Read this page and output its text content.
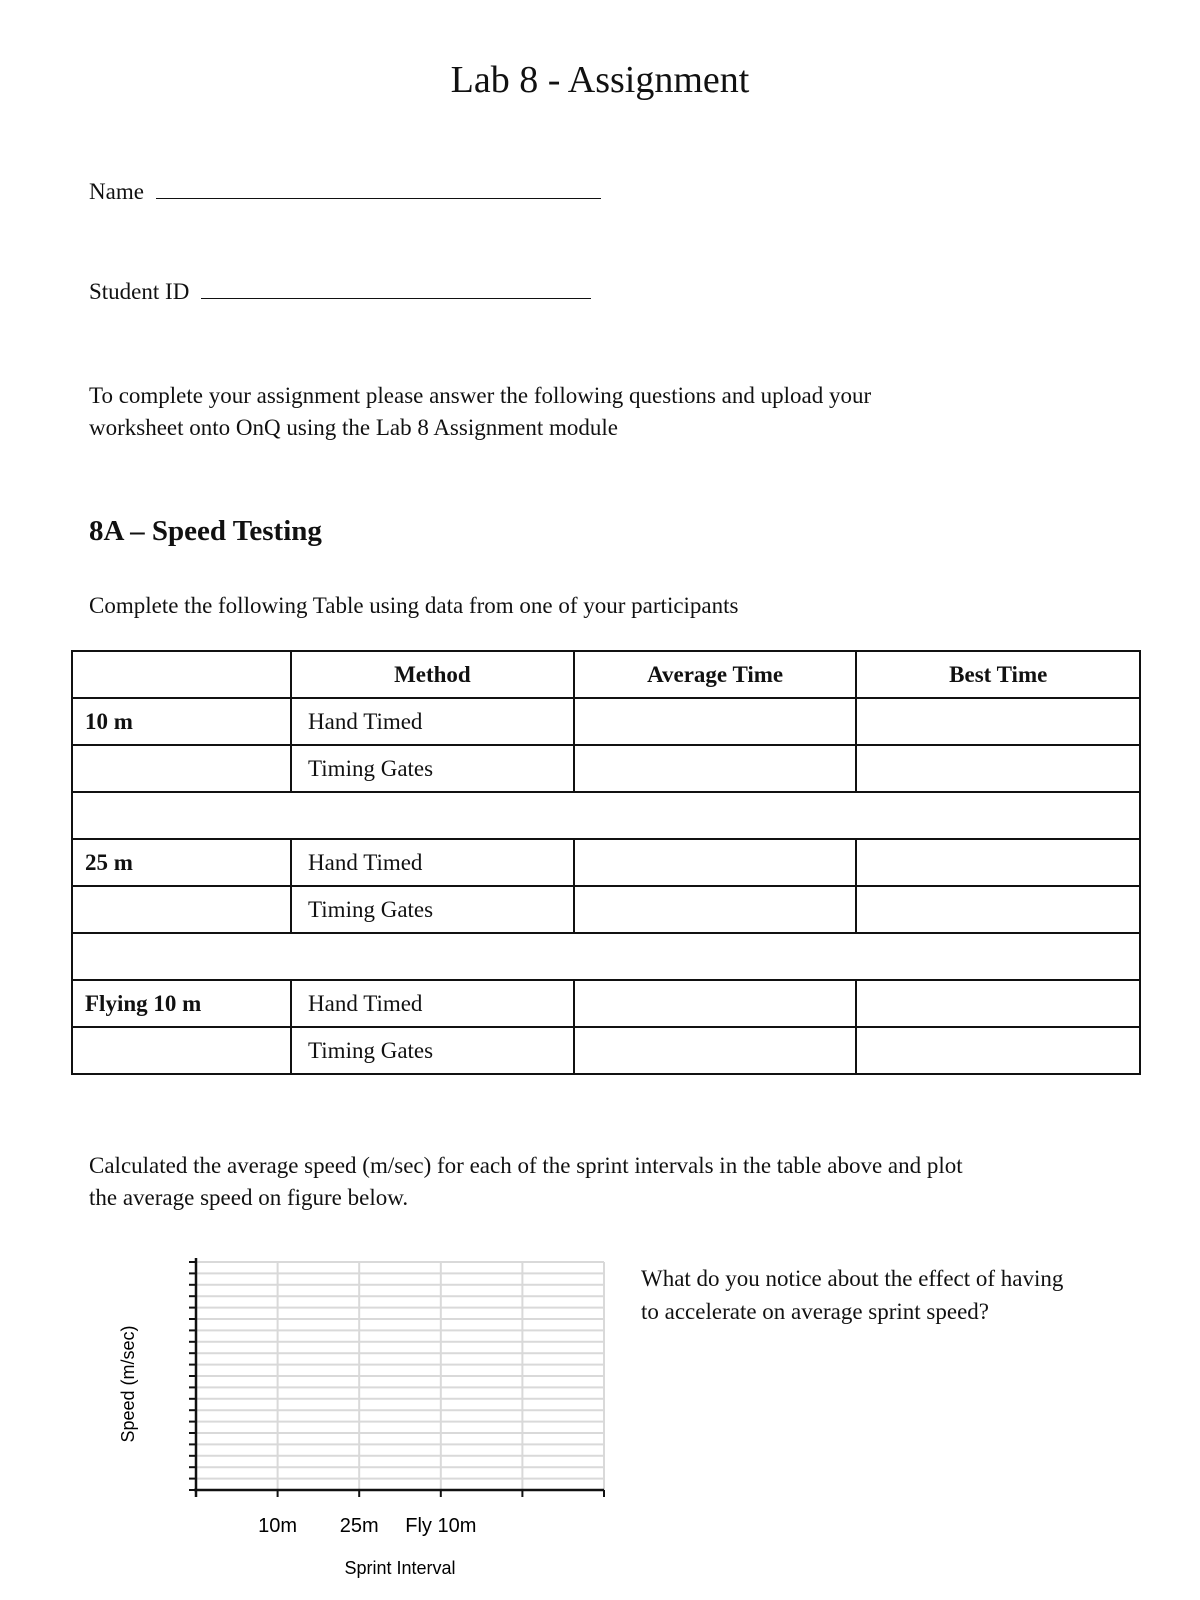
Lab 8 - Assignment
Name
Student ID
To complete your assignment please answer the following questions and upload your
worksheet onto OnQ using the Lab 8 Assignment module
8A – Speed Testing
Complete the following Table using data from one of your participants
	Method	Average Time	Best Time
10 m	Hand Timed		
	Timing Gates		

25 m	Hand Timed		
	Timing Gates		

Flying 10 m	Hand Timed		
	Timing Gates		
Calculated the average speed (m/sec) for each of the sprint intervals in the table above and plot
the average speed on figure below.
10m 25m Fly 10m
Sprint Interval
Speed (m/sec)
What do you notice about the effect of having
to accelerate on average sprint speed?
